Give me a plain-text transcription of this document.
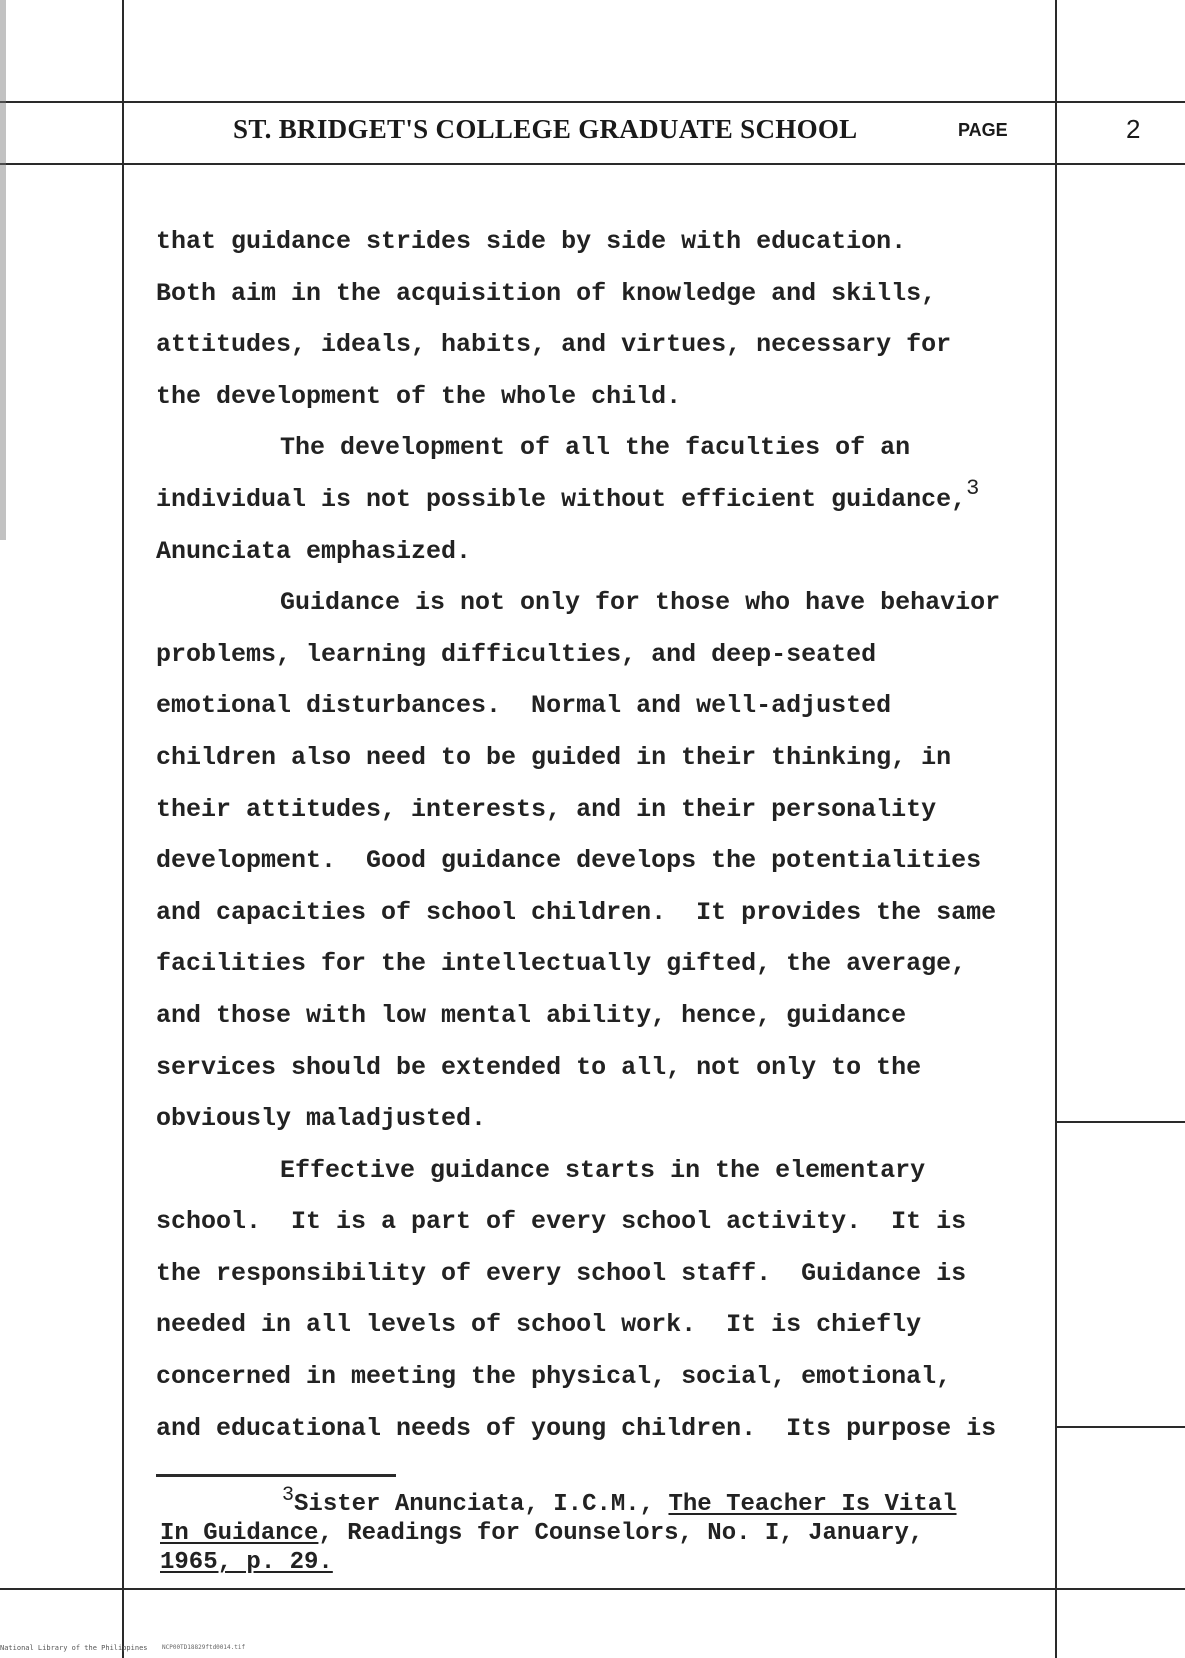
ST. BRIDGET'S COLLEGE GRADUATE SCHOOL	PAGE	2
that guidance strides side by side with education.
Both aim in the acquisition of knowledge and skills,
attitudes, ideals, habits, and virtues, necessary for
the development of the whole child.
The development of all the faculties of an
individual is not possible without efficient guidance,$^3$
Anunciata emphasized.
Guidance is not only for those who have behavior
problems, learning difficulties, and deep-seated
emotional disturbances.  Normal and well-adjusted
children also need to be guided in their thinking, in
their attitudes, interests, and in their personality
development.  Good guidance develops the potentialities
and capacities of school children.  It provides the same
facilities for the intellectually gifted, the average,
and those with low mental ability, hence, guidance
services should be extended to all, not only to the
obviously maladjusted.
Effective guidance starts in the elementary
school.  It is a part of every school activity.  It is
the responsibility of every school staff.  Guidance is
needed in all levels of school work.  It is chiefly
concerned in meeting the physical, social, emotional,
and educational needs of young children.  Its purpose is
$^3$Sister Anunciata, I.C.M., The Teacher Is Vital
In Guidance, Readings for Counselors, No. I, January,
1965, p. 29.
National Library of the Philippines NCP00TD18829ftd0014.tif
